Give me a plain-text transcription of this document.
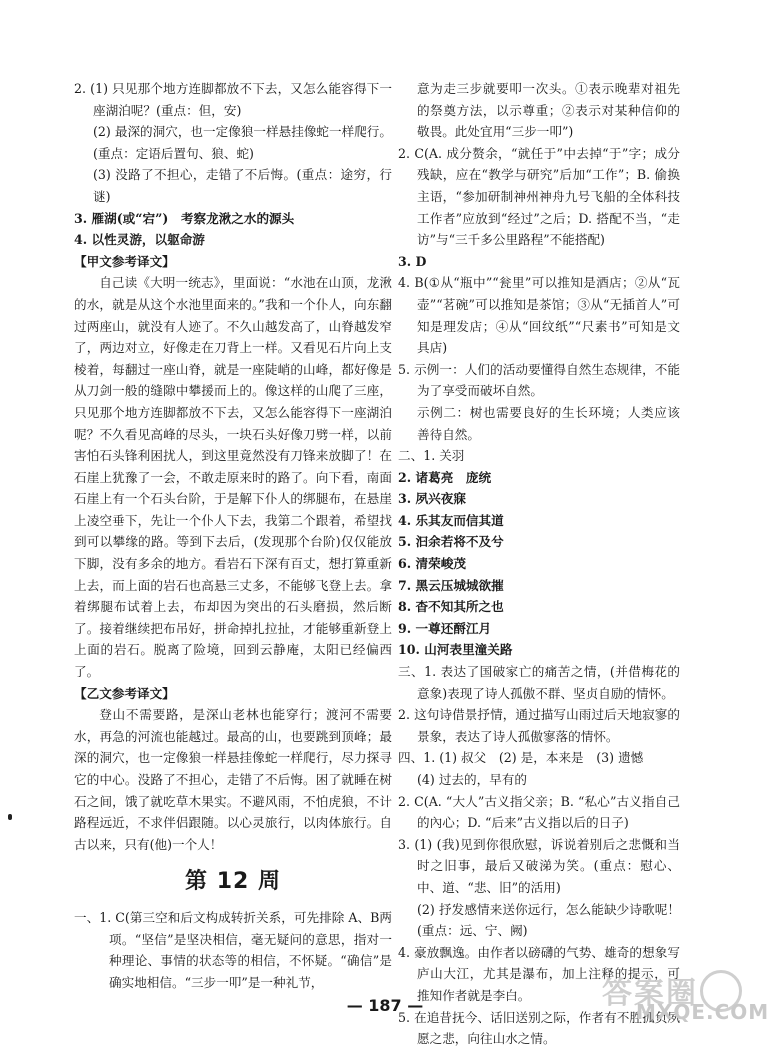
2. (1) 只见那个地方连脚都放不下去，又怎么能容得下一座湖泊呢？(重点：但，安)

(2) 最深的洞穴，也一定像狼一样悬挂像蛇一样爬行。(重点：定语后置句、狼、蛇)

(3) 没路了不担心，走错了不后悔。(重点：途穷，行谜)

3. 雁湖(或“宕”)　考察龙湫之水的源头

4. 以性灵游，以躯命游

【甲文参考译文】

自己读《大明一统志》，里面说：“水池在山顶，龙湫的水，就是从这个水池里面来的。”我和一个仆人，向东翻过两座山，就没有人迹了。不久山越发高了，山脊越发窄了，两边对立，好像走在刀背上一样。又看见石片向上支棱着，每翻过一座山脊，就是一座陡峭的山峰，都好像是从刀剑一般的缝隙中攀援而上的。像这样的山爬了三座，只见那个地方连脚都放不下去，又怎么能容得下一座湖泊呢？不久看见高峰的尽头，一块石头好像刀劈一样，以前害怕石头锋利困扰人，到这里竟然没有刀锋来放脚了！在石崖上犹豫了一会，不敢走原来时的路了。向下看，南面石崖上有一个石头台阶，于是解下仆人的绑腿布，在悬崖上凌空垂下，先让一个仆人下去，我第二个跟着，希望找到可以攀缘的路。等到下去后，(发现那个台阶)仅仅能放下脚，没有多余的地方。看岩石下深有百丈，想打算重新上去，而上面的岩石也高悬三丈多，不能够飞登上去。拿着绑腿布试着上去，布却因为突出的石头磨损，然后断了。接着继续把布吊好，拼命掉扎拉扯，才能够重新登上上面的岩石。脱离了险境，回到云静庵，太阳已经偏西了。

【乙文参考译文】

登山不需要路，是深山老林也能穿行；渡河不需要水，再急的河流也能越过。最高的山，也要跳到顶峰；最深的洞穴，也一定像狼一样悬挂像蛇一样爬行，尽力探寻它的中心。没路了不担心，走错了不后悔。困了就睡在树石之间，饿了就吃草木果实。不避风雨，不怕虎狼，不计路程远近，不求伴侣跟随。以心灵旅行，以肉体旅行。自古以来，只有(他)一个人！

第 12 周

一、1. C(第三空和后文构成转折关系，可先排除 A、B两项。“坚信”是坚决相信，毫无疑问的意思，指对一种理论、事情的状态等的相信，不怀疑。“确信”是确实地相信。“三步一叩”是一种礼节，

意为走三步就要叩一次头。①表示晚辈对祖先的祭奠方法，以示尊重；②表示对某种信仰的敬畏。此处宜用“三步一叩”)

2. C(A. 成分赘余，“就任于”中去掉“于”字；成分残缺，应在“教学与研究”后加“工作”；B. 偷换主语，“参加研制神州神舟九号飞船的全体科技工作者”应放到“经过”之后；D. 搭配不当，“走访”与“三千多公里路程”不能搭配)

3. D

4. B(①从“瓶中”“瓮里”可以推知是酒店；②从“瓦壶”“茗碗”可以推知是茶馆；③从“无插首人”可知是理发店；④从“回纹纸”“尺素书”可知是文具店)

5. 示例一：人们的活动要懂得自然生态规律，不能为了享受而破坏自然。

示例二：树也需要良好的生长环境；人类应该善待自然。

二、1. 关羽

2. 诸葛亮　庞统

3. 夙兴夜寐

4. 乐其友而信其道

5. 汩余若将不及兮

6. 清荣峻茂

7. 黑云压城城欲摧

8. 杳不知其所之也

9. 一尊还酹江月

10. 山河表里潼关路

三、1. 表达了国破家亡的痛苦之情，(并借梅花的意象)表现了诗人孤傲不群、坚贞自励的情怀。

2. 这句诗借景抒情，通过描写山雨过后天地寂寥的景象，表达了诗人孤傲寥落的情怀。

四、1. (1) 叔父　(2) 是，本来是　(3) 遗憾

(4) 过去的，早有的

2. C(A. “大人”古义指父亲；B. “私心”古义指自己的內心；D. “后来”古义指以后的日子)

3. (1) (我)见到你很欣慰，诉说着别后之悲慨和当时之旧事，最后又破涕为笑。(重点：慰心、中、道、“悲、旧”的活用)

(2) 抒发感情来送你远行，怎么能缺少诗歌呢！(重点：远、宁、阙)

4. 豪放飘逸。由作者以磅礴的气势、雄奇的想象写庐山大江，尤其是瀑布，加上注释的提示，可推知作者就是李白。

5. 在追昔抚今、话旧送别之际，作者有不胜孤负夙愿之悲，向往山水之情。

— 187 —	答案圈
MXQE.COM
